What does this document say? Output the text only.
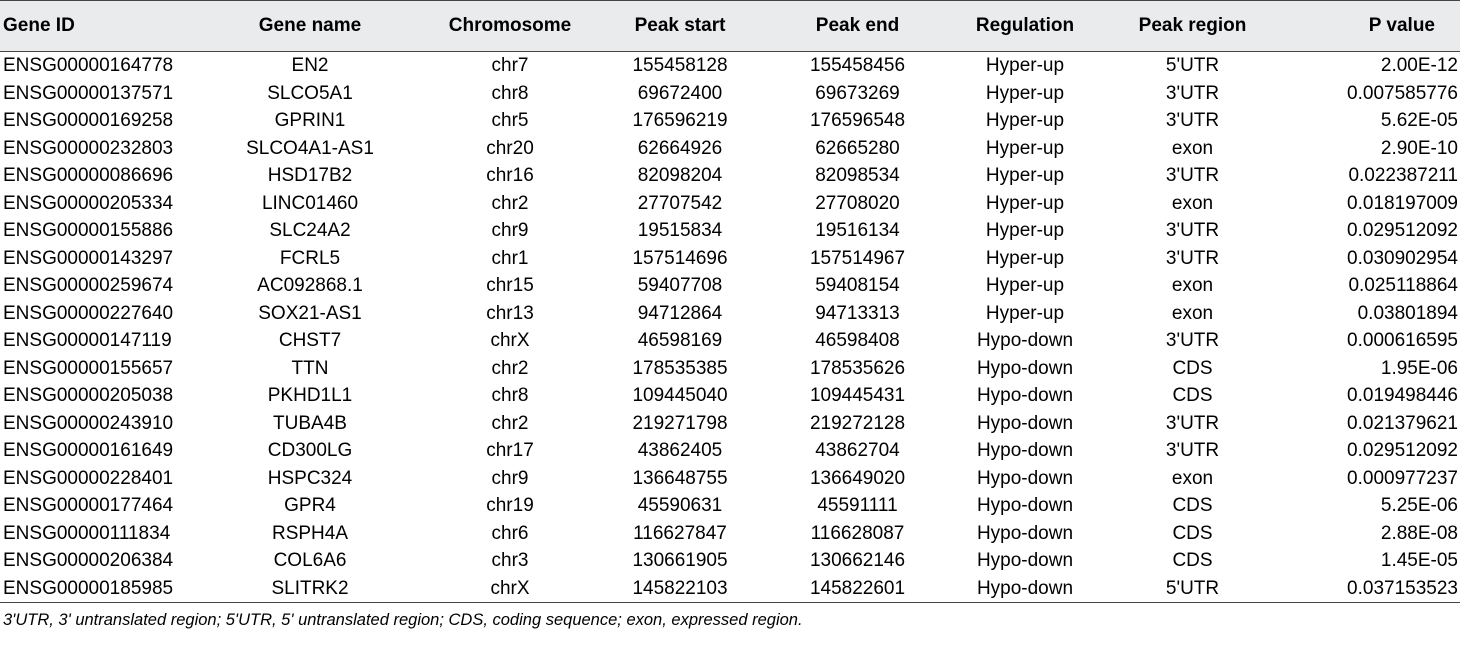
Gene ID	Gene name	Chromosome	Peak start	Peak end	Regulation	Peak region	P value
ENSG00000164778	EN2	chr7	155458128	155458456	Hyper-up	5'UTR	2.00E-12
ENSG00000137571	SLCO5A1	chr8	69672400	69673269	Hyper-up	3'UTR	0.007585776
ENSG00000169258	GPRIN1	chr5	176596219	176596548	Hyper-up	3'UTR	5.62E-05
ENSG00000232803	SLCO4A1-AS1	chr20	62664926	62665280	Hyper-up	exon	2.90E-10
ENSG00000086696	HSD17B2	chr16	82098204	82098534	Hyper-up	3'UTR	0.022387211
ENSG00000205334	LINC01460	chr2	27707542	27708020	Hyper-up	exon	0.018197009
ENSG00000155886	SLC24A2	chr9	19515834	19516134	Hyper-up	3'UTR	0.029512092
ENSG00000143297	FCRL5	chr1	157514696	157514967	Hyper-up	3'UTR	0.030902954
ENSG00000259674	AC092868.1	chr15	59407708	59408154	Hyper-up	exon	0.025118864
ENSG00000227640	SOX21-AS1	chr13	94712864	94713313	Hyper-up	exon	0.03801894
ENSG00000147119	CHST7	chrX	46598169	46598408	Hypo-down	3'UTR	0.000616595
ENSG00000155657	TTN	chr2	178535385	178535626	Hypo-down	CDS	1.95E-06
ENSG00000205038	PKHD1L1	chr8	109445040	109445431	Hypo-down	CDS	0.019498446
ENSG00000243910	TUBA4B	chr2	219271798	219272128	Hypo-down	3'UTR	0.021379621
ENSG00000161649	CD300LG	chr17	43862405	43862704	Hypo-down	3'UTR	0.029512092
ENSG00000228401	HSPC324	chr9	136648755	136649020	Hypo-down	exon	0.000977237
ENSG00000177464	GPR4	chr19	45590631	45591111	Hypo-down	CDS	5.25E-06
ENSG00000111834	RSPH4A	chr6	116627847	116628087	Hypo-down	CDS	2.88E-08
ENSG00000206384	COL6A6	chr3	130661905	130662146	Hypo-down	CDS	1.45E-05
ENSG00000185985	SLITRK2	chrX	145822103	145822601	Hypo-down	5'UTR	0.037153523
3'UTR, 3' untranslated region; 5'UTR, 5' untranslated region; CDS, coding sequence; exon, expressed region.
